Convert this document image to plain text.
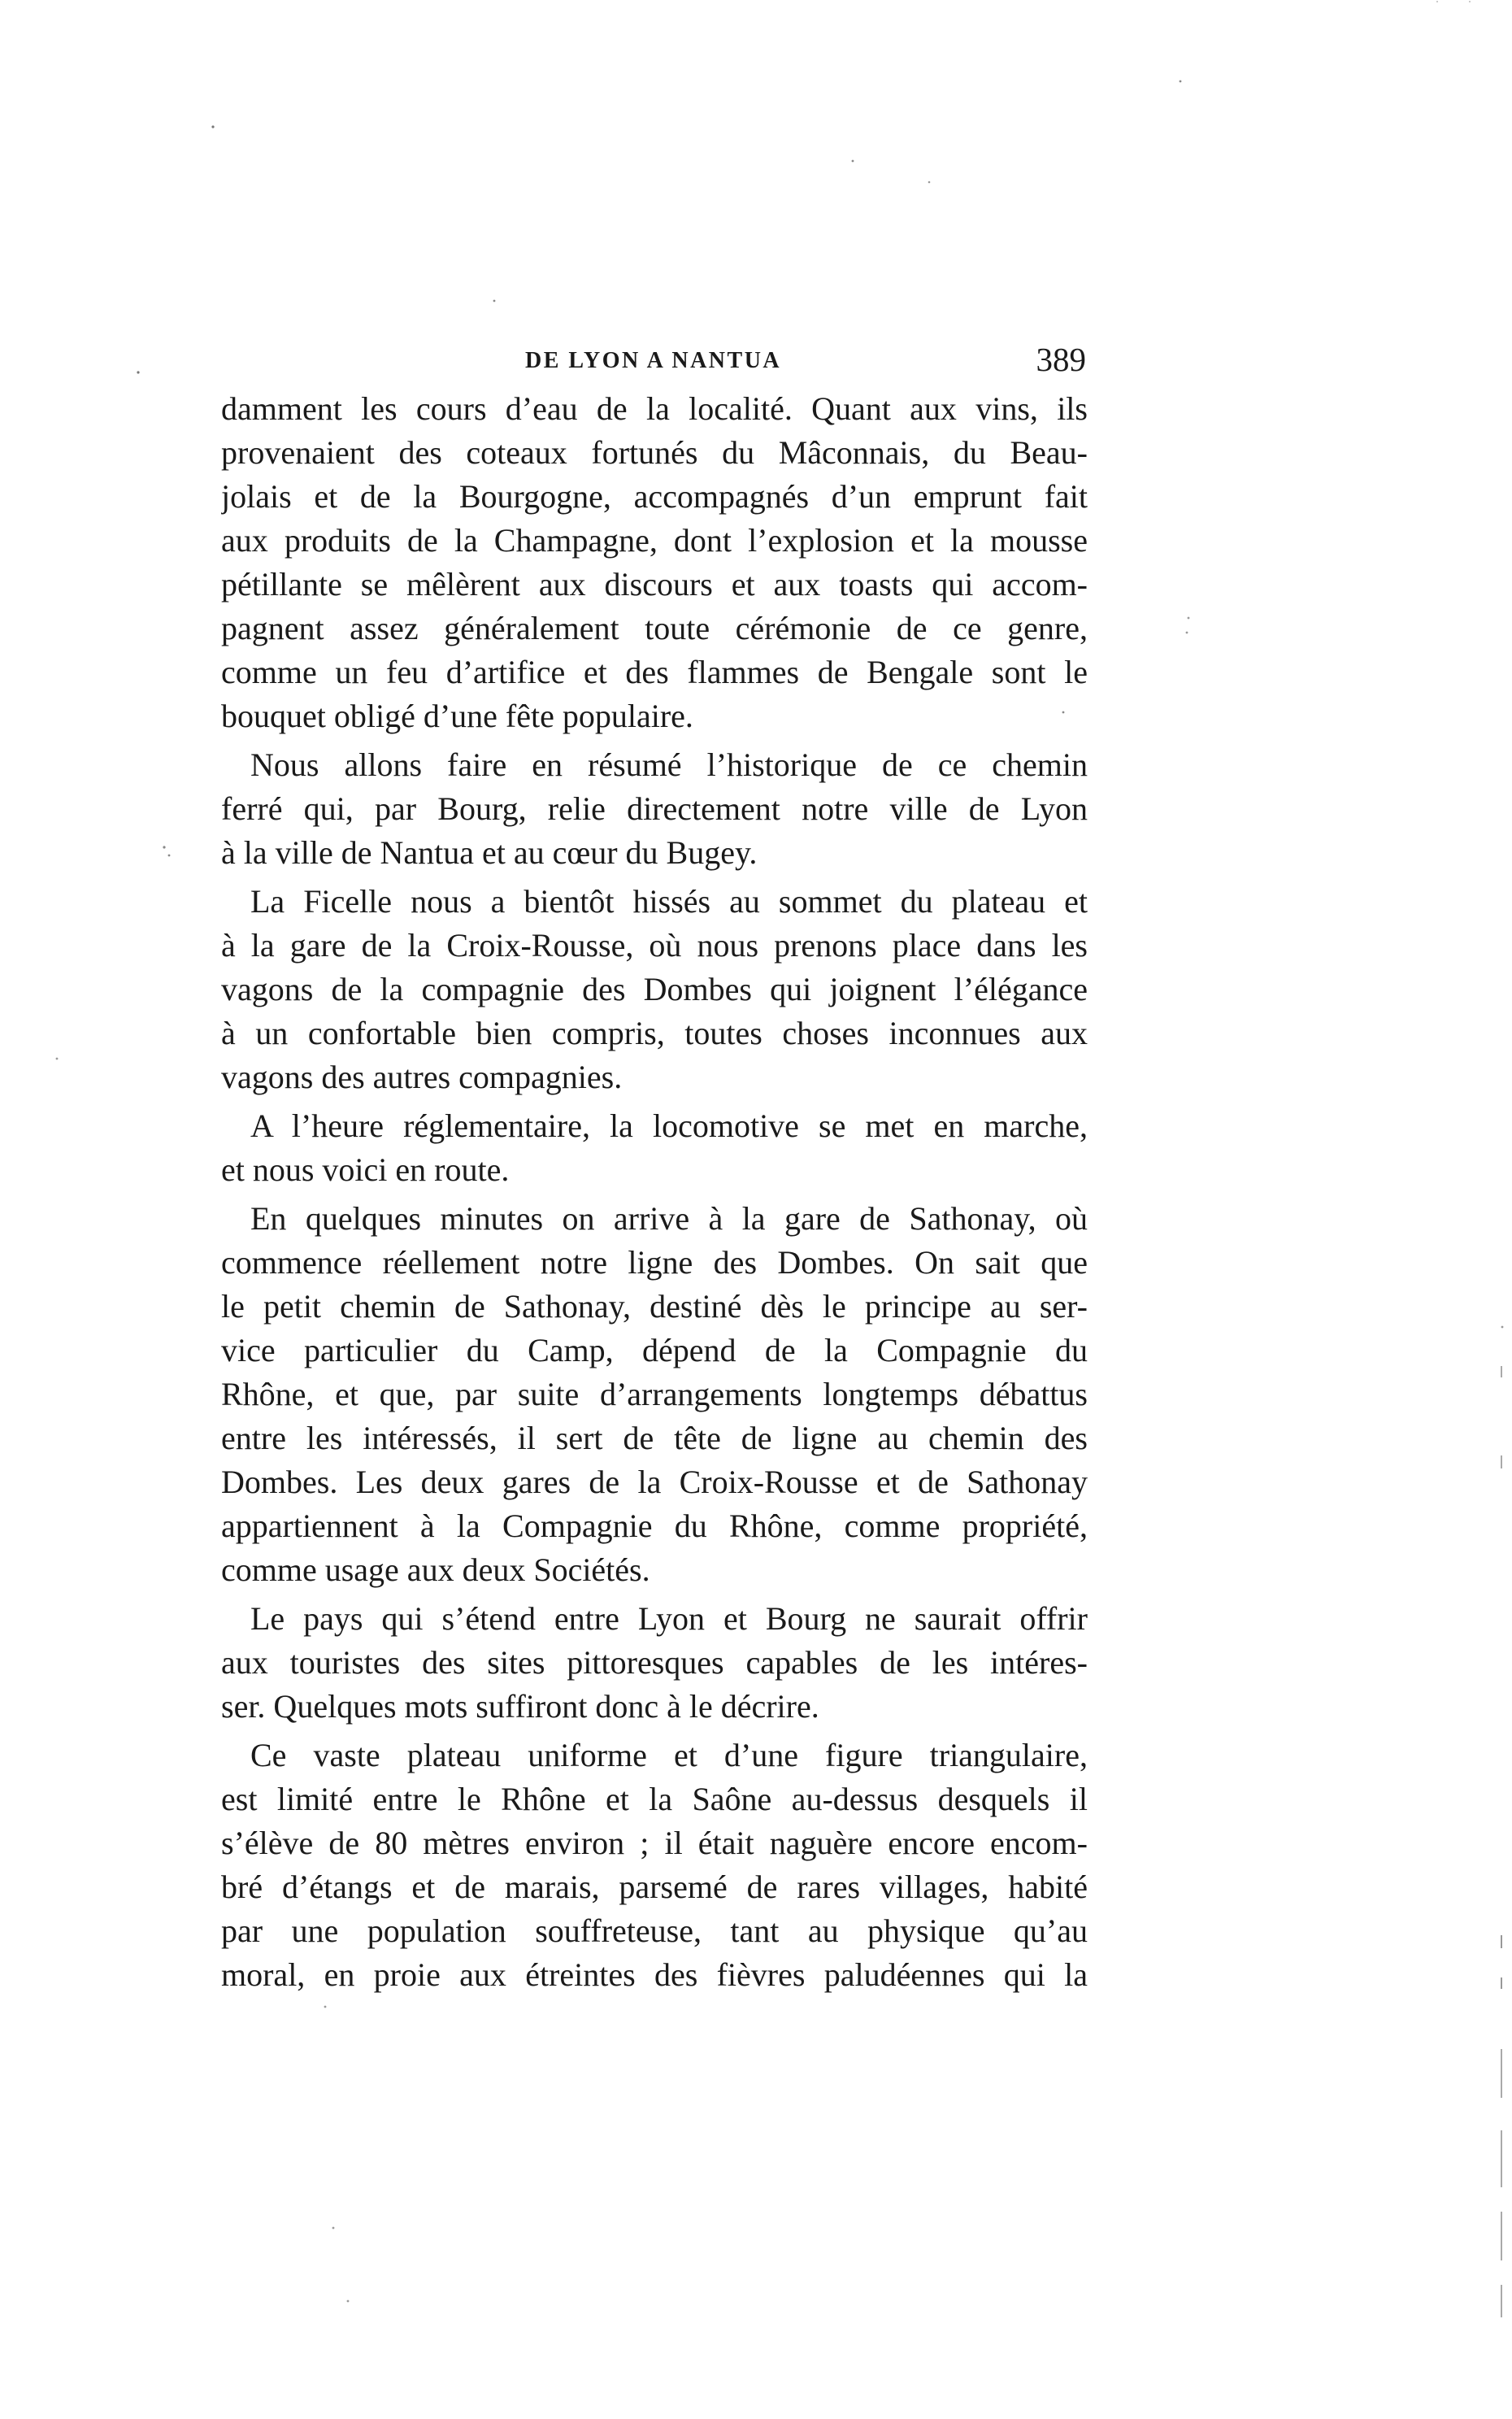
DE LYON A NANTUA	389
damment les cours d’eau de la localité. Quant aux vins, ils
provenaient des coteaux fortunés du Mâconnais, du Beau-
jolais et de la Bourgogne, accompagnés d’un emprunt fait
aux produits de la Champagne, dont l’explosion et la mousse
pétillante se mêlèrent aux discours et aux toasts qui accom-
pagnent assez généralement toute cérémonie de ce genre,
comme un feu d’artifice et des flammes de Bengale sont le
bouquet obligé d’une fête populaire.
Nous allons faire en résumé l’historique de ce chemin
ferré qui, par Bourg, relie directement notre ville de Lyon
à la ville de Nantua et au cœur du Bugey.
La Ficelle nous a bientôt hissés au sommet du plateau et
à la gare de la Croix-Rousse, où nous prenons place dans les
vagons de la compagnie des Dombes qui joignent l’élégance
à un confortable bien compris, toutes choses inconnues aux
vagons des autres compagnies.
A l’heure réglementaire, la locomotive se met en marche,
et nous voici en route.
En quelques minutes on arrive à la gare de Sathonay, où
commence réellement notre ligne des Dombes. On sait que
le petit chemin de Sathonay, destiné dès le principe au ser-
vice particulier du Camp, dépend de la Compagnie du
Rhône, et que, par suite d’arrangements longtemps débattus
entre les intéressés, il sert de tête de ligne au chemin des
Dombes. Les deux gares de la Croix-Rousse et de Sathonay
appartiennent à la Compagnie du Rhône, comme propriété,
comme usage aux deux Sociétés.
Le pays qui s’étend entre Lyon et Bourg ne saurait offrir
aux touristes des sites pittoresques capables de les intéres-
ser. Quelques mots suffiront donc à le décrire.
Ce vaste plateau uniforme et d’une figure triangulaire,
est limité entre le Rhône et la Saône au-dessus desquels il
s’élève de 80 mètres environ ; il était naguère encore encom-
bré d’étangs et de marais, parsemé de rares villages, habité
par une population souffreteuse, tant au physique qu’au
moral, en proie aux étreintes des fièvres paludéennes qui la
